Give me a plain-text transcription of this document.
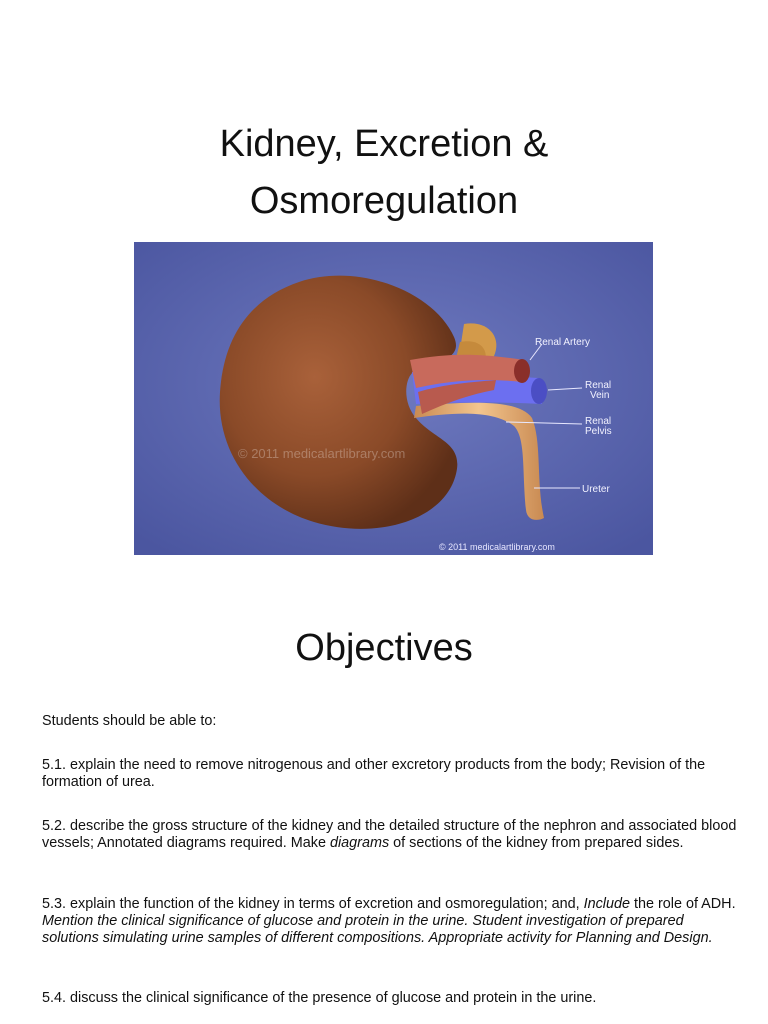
Kidney, Excretion &
Osmoregulation
Renal Artery
Renal
Vein
Renal
Pelvis
Ureter
© 2011 medicalartlibrary.com
© 2011 medicalartlibrary.com
Objectives

Students should be able to:

5.1. explain the need to remove nitrogenous and other excretory products from the body; Revision of the formation of urea.

5.2. describe the gross structure of the kidney and the detailed structure of the nephron and associated blood vessels; Annotated diagrams required. Make diagrams of sections of the kidney from prepared sides.

5.3. explain the function of the kidney in terms of excretion and osmoregulation; and, Include the role of ADH. Mention the clinical significance of glucose and protein in the urine. Student investigation of prepared solutions simulating urine samples of different compositions. Appropriate activity for Planning and Design.

5.4. discuss the clinical significance of the presence of glucose and protein in the urine.
